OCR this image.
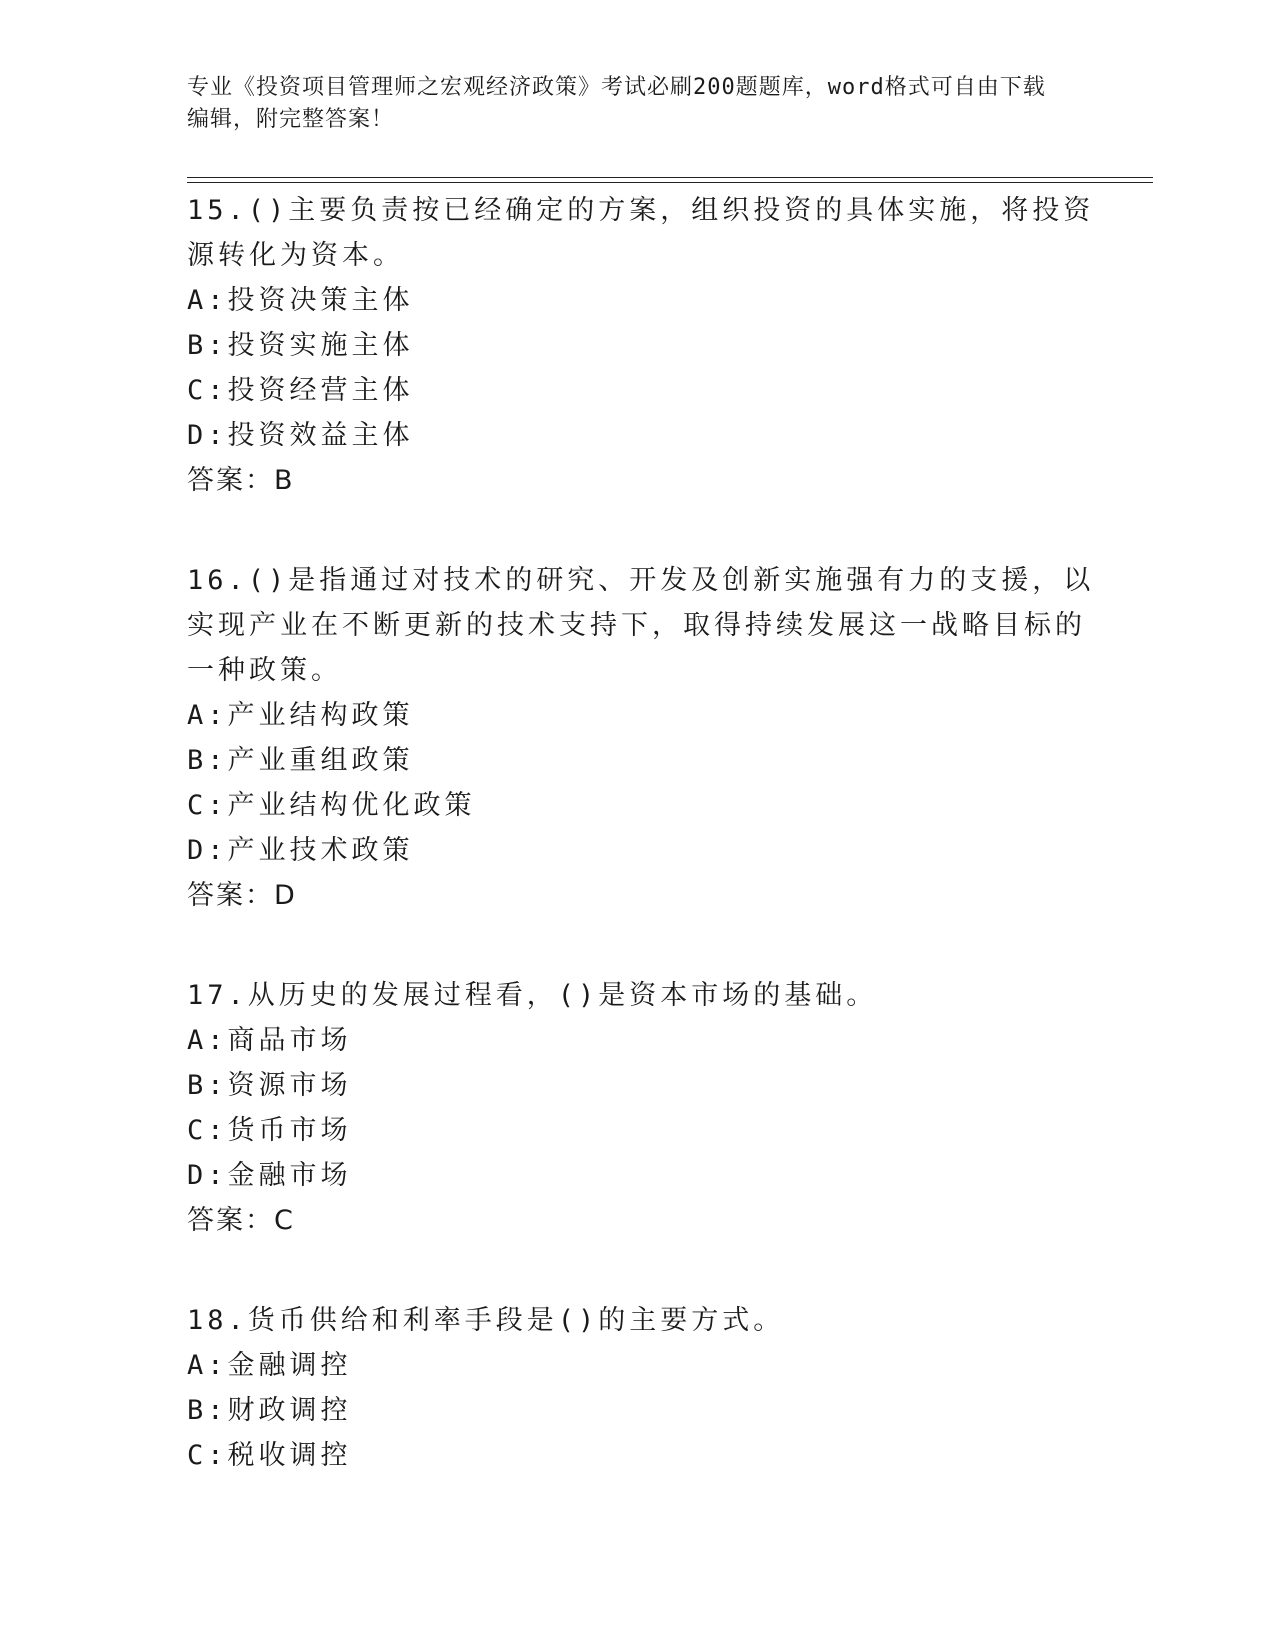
专业《投资项目管理师之宏观经济政策》考试必刷200题题库，word格式可自由下载编辑，附完整答案！
15.()主要负责按已经确定的方案，组织投资的具体实施，将投资源转化为资本。
A:投资决策主体
B:投资实施主体
C:投资经营主体
D:投资效益主体
答案：B
16.()是指通过对技术的研究、开发及创新实施强有力的支援，以实现产业在不断更新的技术支持下，取得持续发展这一战略目标的一种政策。
A:产业结构政策
B:产业重组政策
C:产业结构优化政策
D:产业技术政策
答案：D
17.从历史的发展过程看，()是资本市场的基础。
A:商品市场
B:资源市场
C:货币市场
D:金融市场
答案：C
18.货币供给和利率手段是()的主要方式。
A:金融调控
B:财政调控
C:税收调控
